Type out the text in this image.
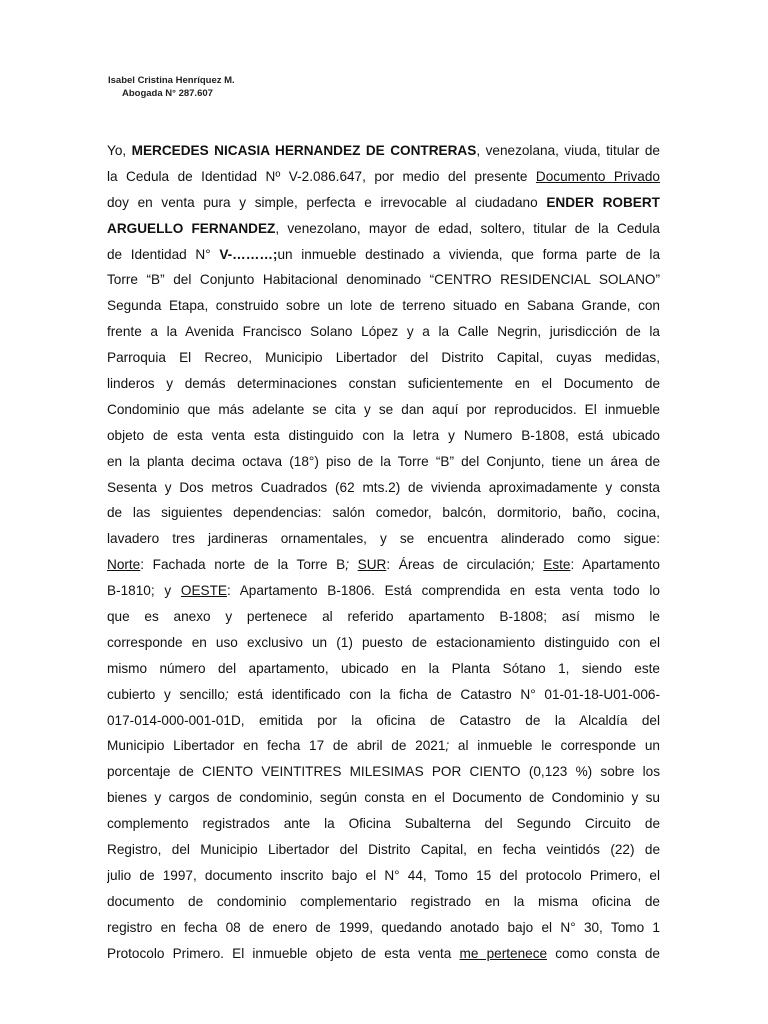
Isabel Cristina Henríquez M.
Abogada N° 287.607
Yo, MERCEDES NICASIA HERNANDEZ DE CONTRERAS, venezolana, viuda, titular de
la Cedula de Identidad Nº V-2.086.647, por medio del presente Documento Privado
doy en venta pura y simple, perfecta e irrevocable al ciudadano ENDER ROBERT
ARGUELLO FERNANDEZ, venezolano, mayor de edad, soltero, titular de la Cedula
de Identidad N° V-………;un inmueble destinado a vivienda, que forma parte de la
Torre “B” del Conjunto Habitacional denominado “CENTRO RESIDENCIAL SOLANO”
Segunda Etapa, construido sobre un lote de terreno situado en Sabana Grande, con
frente a la Avenida Francisco Solano López y a la Calle Negrin, jurisdicción de la
Parroquia El Recreo, Municipio Libertador del Distrito Capital, cuyas medidas,
linderos y demás determinaciones constan suficientemente en el Documento de
Condominio que más adelante se cita y se dan aquí por reproducidos. El inmueble
objeto de esta venta esta distinguido con la letra y Numero B-1808, está ubicado
en la planta decima octava (18°) piso de la Torre “B” del Conjunto, tiene un área de
Sesenta y Dos metros Cuadrados (62 mts.2) de vivienda aproximadamente y consta
de las siguientes dependencias: salón comedor, balcón, dormitorio, baño, cocina,
lavadero tres jardineras ornamentales, y se encuentra alinderado como sigue:
Norte: Fachada norte de la Torre B; SUR: Áreas de circulación; Este: Apartamento
B-1810; y OESTE: Apartamento B-1806. Está comprendida en esta venta todo lo
que es anexo y pertenece al referido apartamento B-1808; así mismo le
corresponde en uso exclusivo un (1) puesto de estacionamiento distinguido con el
mismo número del apartamento, ubicado en la Planta Sótano 1, siendo este
cubierto y sencillo; está identificado con la ficha de Catastro N° 01-01-18-U01-006-
017-014-000-001-01D, emitida por la oficina de Catastro de la Alcaldía del
Municipio Libertador en fecha 17 de abril de 2021; al inmueble le corresponde un
porcentaje de CIENTO VEINTITRES MILESIMAS POR CIENTO (0,123 %) sobre los
bienes y cargos de condominio, según consta en el Documento de Condominio y su
complemento registrados ante la Oficina Subalterna del Segundo Circuito de
Registro, del Municipio Libertador del Distrito Capital, en fecha veintidós (22) de
julio de 1997, documento inscrito bajo el N° 44, Tomo 15 del protocolo Primero, el
documento de condominio complementario registrado en la misma oficina de
registro en fecha 08 de enero de 1999, quedando anotado bajo el N° 30, Tomo 1
Protocolo Primero. El inmueble objeto de esta venta me pertenece como consta de
